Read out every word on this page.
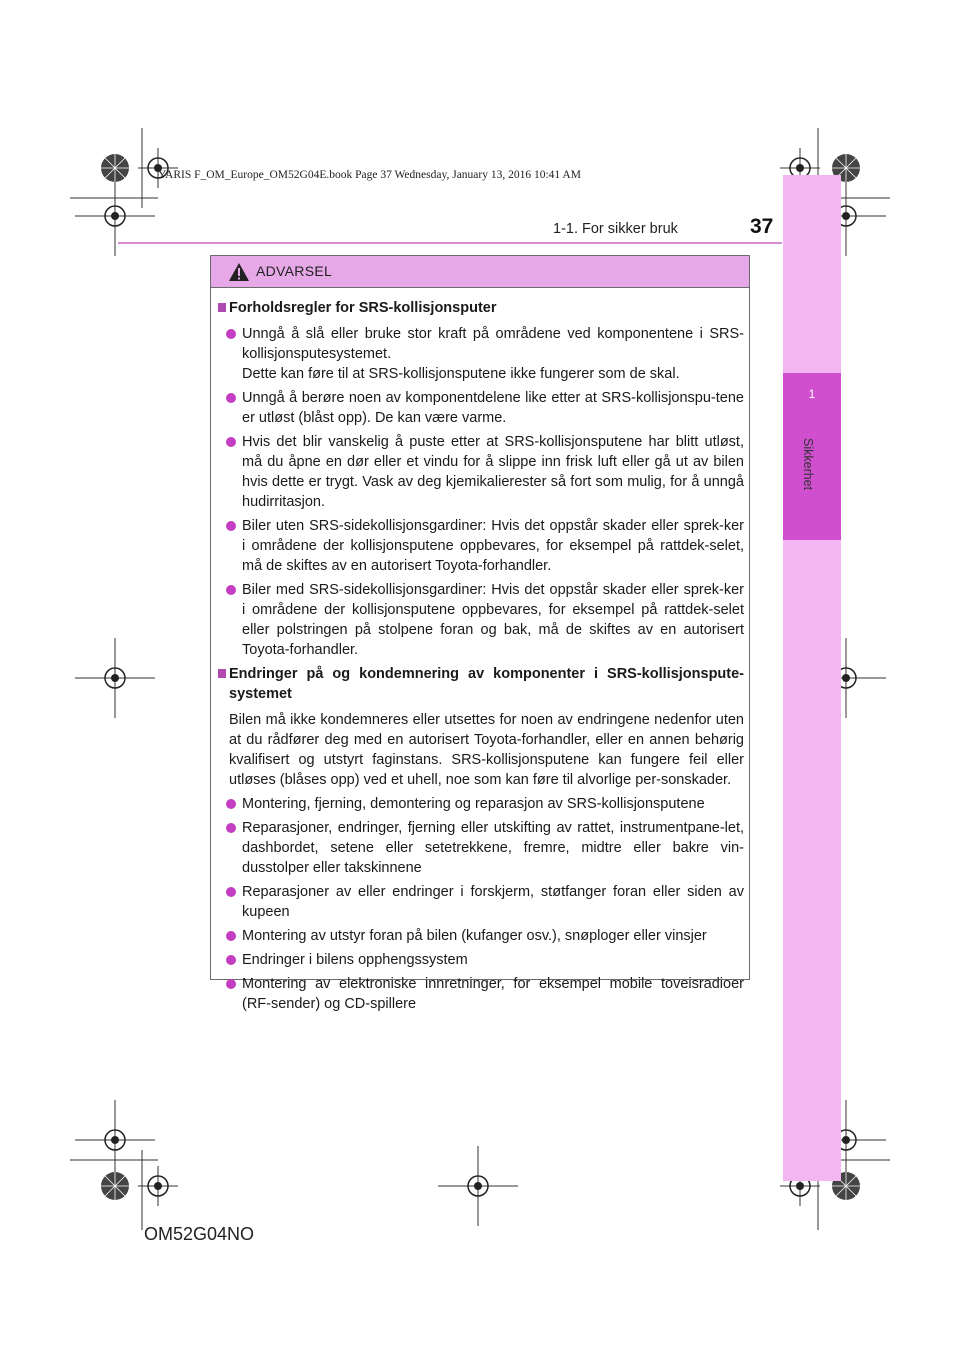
YARIS F_OM_Europe_OM52G04E.book Page 37 Wednesday, January 13, 2016 10:41 AM
1
Sikkerhet
1-1. For sikker bruk	37
ADVARSEL
Forholdsregler for SRS-kollisjonsputer

Unngå å slå eller bruke stor kraft på områdene ved komponentene i SRS-kollisjonsputesystemet.

Dette kan føre til at SRS-kollisjonsputene ikke fungerer som de skal.

Unngå å berøre noen av komponentdelene like etter at SRS-kollisjonspu-tene er utløst (blåst opp). De kan være varme.

Hvis det blir vanskelig å puste etter at SRS-kollisjonsputene har blitt utløst, må du åpne en dør eller et vindu for å slippe inn frisk luft eller gå ut av bilen hvis dette er trygt. Vask av deg kjemikalierester så fort som mulig, for å unngå hudirritasjon.

Biler uten SRS-sidekollisjonsgardiner: Hvis det oppstår skader eller sprek-ker i områdene der kollisjonsputene oppbevares, for eksempel på rattdek-selet, må de skiftes av en autorisert Toyota-forhandler.

Biler med SRS-sidekollisjonsgardiner: Hvis det oppstår skader eller sprek-ker i områdene der kollisjonsputene oppbevares, for eksempel på rattdek-selet eller polstringen på stolpene foran og bak, må de skiftes av en autorisert Toyota-forhandler.

Endringer på og kondemnering av komponenter i SRS-kollisjonspute-systemet

Bilen må ikke kondemneres eller utsettes for noen av endringene nedenfor uten at du rådfører deg med en autorisert Toyota-forhandler, eller en annen behørig kvalifisert og utstyrt faginstans. SRS-kollisjonsputene kan fungere feil eller utløses (blåses opp) ved et uhell, noe som kan føre til alvorlige per-sonskader.

Montering, fjerning, demontering og reparasjon av SRS-kollisjonsputene

Reparasjoner, endringer, fjerning eller utskifting av rattet, instrumentpane-let, dashbordet, setene eller setetrekkene, fremre, midtre eller bakre vin-dusstolper eller takskinnene

Reparasjoner av eller endringer i forskjerm, støtfanger foran eller siden av kupeen

Montering av utstyr foran på bilen (kufanger osv.), snøploger eller vinsjer

Endringer i bilens opphengssystem

Montering av elektroniske innretninger, for eksempel mobile toveisradioer (RF-sender) og CD-spillere

OM52G04NO
